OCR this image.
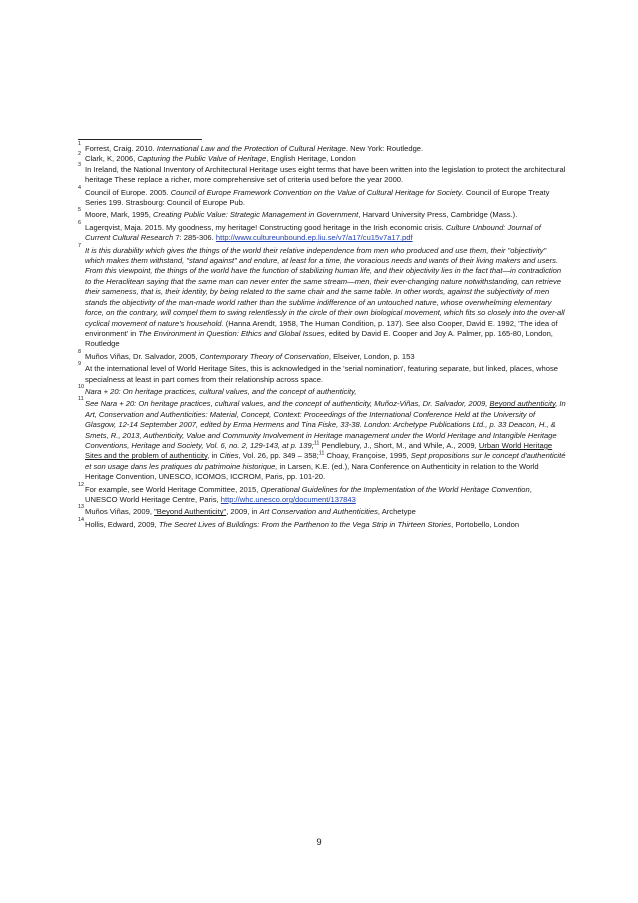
1 Forrest, Craig. 2010. International Law and the Protection of Cultural Heritage. New York: Routledge.
2 Clark, K, 2006, Capturing the Public Value of Heritage, English Heritage, London
3 In Ireland, the National Inventory of Architectural Heritage uses eight terms that have been written into the legislation to protect the architectural heritage These replace a richer, more comprehensive set of criteria used before the year 2000.
4 Council of Europe. 2005. Council of Europe Framework Convention on the Value of Cultural Heritage for Society. Council of Europe Treaty Series 199. Strasbourg: Council of Europe Pub.
5 Moore, Mark, 1995, Creating Public Value: Strategic Management in Government, Harvard University Press, Cambridge (Mass.).
6 Lagerqvist, Maja. 2015. My goodness, my heritage! Constructing good heritage in the Irish economic crisis. Culture Unbound: Journal of Current Cultural Research 7: 285-306. http://www.cultureunbound.ep.liu.se/v7/a17/cu15v7a17.pdf
7 It is this durability which gives the things of the world their relative independence from men who produced and use them, their "objectivity" which makes them withstand, "stand against" and endure, at least for a time, the voracious needs and wants of their living makers and users. From this viewpoint, the things of the world have the function of stabilizing human life, and their objectivity lies in the fact that—in contradiction to the Heraclitean saying that the same man can never enter the same stream—men, their ever-changing nature notwithstanding, can retrieve their sameness, that is, their identity, by being related to the same chair and the same table. In other words, against the subjectivity of men stands the objectivity of the man-made world rather than the sublime indifference of an untouched nature, whose overwhelming elementary force, on the contrary, will compel them to swing relentlessly in the circle of their own biological movement, which fits so closely into the over-all cyclical movement of nature's household. (Hanna Arendt, 1958, The Human Condition, p. 137). See also Cooper, David E. 1992, 'The idea of environment' in The Environment in Question: Ethics and Global Issues, edited by David E. Cooper and Joy A. Palmer, pp. 165-80, London, Routledge
8 Muños Viñas, Dr. Salvador, 2005, Contemporary Theory of Conservation, Elseiver, London, p. 153
9 At the international level of World Heritage Sites, this is acknowledged in the 'serial nomination', featuring separate, but linked, places, whose specialness at least in part comes from their relationship across space.
10 Nara + 20: On heritage practices, cultural values, and the concept of authenticity,
11 See Nara + 20: On heritage practices, cultural values, and the concept of authenticity, Muñoz-Viñas, Dr. Salvador, 2009, Beyond authenticity, In Art, Conservation and Authenticities: Material, Concept, Context: Proceedings of the International Conference Held at the University of Glasgow, 12-14 September 2007, edited by Erma Hermens and Tina Fiske, 33-38. London: Archetype Publications Ltd., p. 33 Deacon, H., & Smets, R., 2013, Authenticity, Value and Community Involvement in Heritage management under the World Heritage and Intangible Heritage Conventions, Heritage and Society, Vol. 6, no. 2, 129-143, at p. 139;$^{11}$ Pendlebury, J., Short, M., and While, A., 2009, Urban World Heritage Sites and the problem of authenticity, in Cities, Vol. 26, pp. 349 – 358;$^{11}$ Choay, Françoise, 1995, Sept propositions sur le concept d'authenticité et son usage dans les pratiques du patrimoine historique, in Larsen, K.E. (ed.), Nara Conference on Authenticity in relation to the World Heritage Convention, UNESCO, ICOMOS, ICCROM, Paris, pp. 101-20.
12 For example, see World Heritage Committee, 2015, Operational Guidelines for the Implementation of the World Heritage Convention, UNESCO World Heritage Centre, Paris, http://whc.unesco.org/document/137843
13 Muños Viñas, 2009, "Beyond Authenticity", 2009, in Art Conservation and Authenticities, Archetype
14 Hollis, Edward, 2009, The Secret Lives of Buildings: From the Parthenon to the Vega Strip in Thirteen Stories, Portobello, London
9
